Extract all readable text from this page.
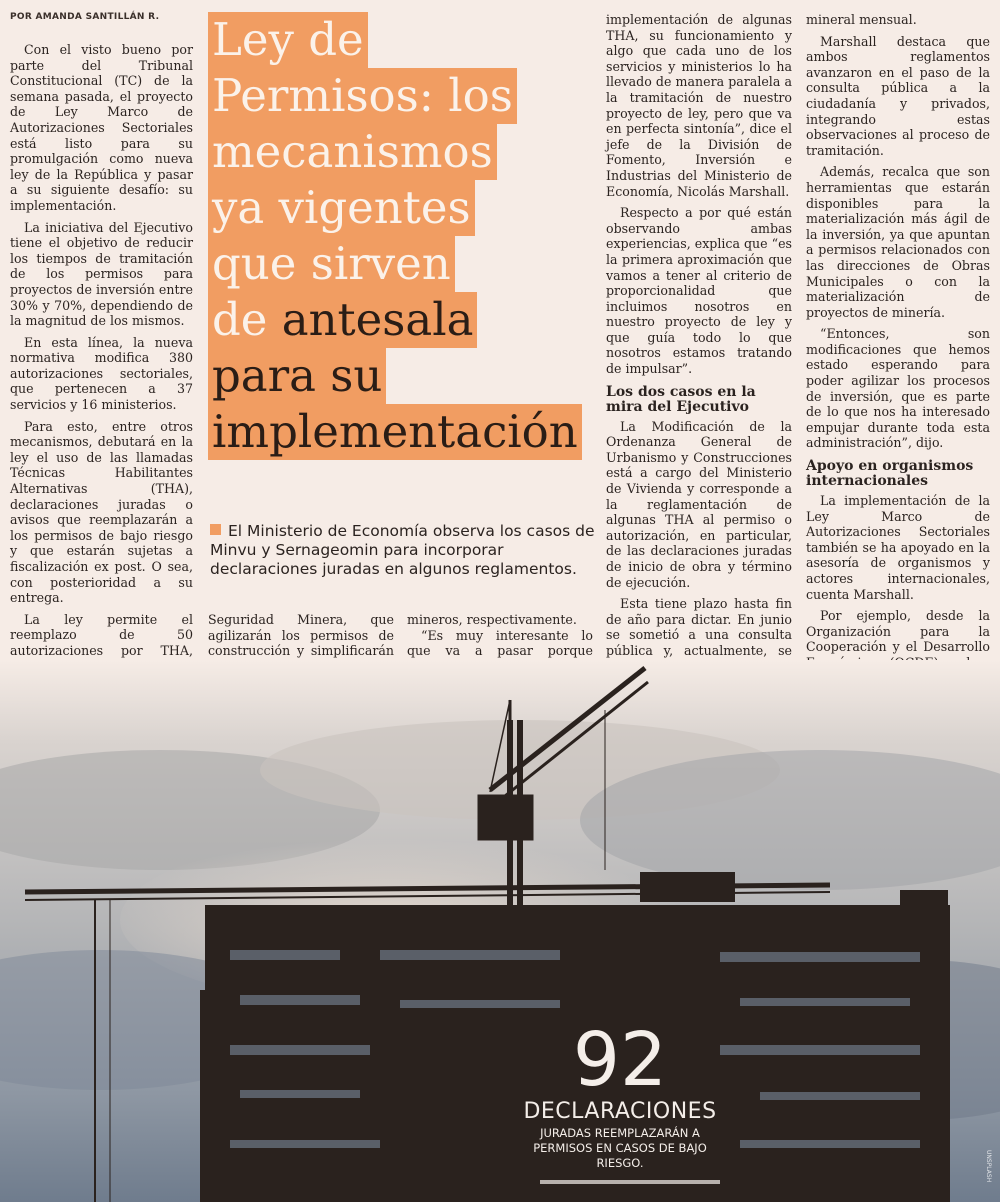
POR AMANDA SANTILLÁN R. Ley de
Permisos: los
mecanismos
ya vigentes
que sirven
de antesala
para su
implementación
El Ministerio de Economía observa los casos de Minvu y Sernageomin para incorporar declaraciones juradas en algunos reglamentos.

Con el visto bueno por parte del Tribunal Constitucional (TC) de la semana pasada, el proyecto de Ley Marco de Autorizaciones Sectoriales está listo para su promulgación como nueva ley de la República y pasar a su siguiente desafío: su implementación.

La iniciativa del Ejecutivo tiene el objetivo de reducir los tiempos de tramitación de los permisos para proyectos de inversión entre 30% y 70%, dependiendo de la magnitud de los mismos.

En esta línea, la nueva normativa modifica 380 autorizaciones sectoriales, que pertenecen a 37 servicios y 16 ministerios.

Para esto, entre otros mecanismos, debutará en la ley el uso de las llamadas Técnicas Habilitantes Alternativas (THA), declaraciones juradas o avisos que reemplazarán a los permisos de bajo riesgo y que estarán sujetas a fiscalización ex post. O sea, con posterioridad a su entrega.

La ley permite el reemplazo de 50 autorizaciones por THA,

Seguridad Minera, que agilizarán los permisos de construcción y simplificarán

mineros, respectivamente.

“Es muy interesante lo que va a pasar porque

implementación de algunas THA, su funcionamiento y algo que cada uno de los servicios y ministerios lo ha llevado de manera paralela a la tramitación de nuestro proyecto de ley, pero que va en perfecta sintonía”, dice el jefe de la División de Fomento, Inversión e Industrias del Ministerio de Economía, Nicolás Marshall.

Respecto a por qué están observando ambas experiencias, explica que “es la primera aproximación que vamos a tener al criterio de proporcionalidad que incluimos nosotros en nuestro proyecto de ley y que guía todo lo que nosotros estamos tratando de impulsar”.

Los dos casos en la mira del Ejecutivo

La Modificación de la Ordenanza General de Urbanismo y Construcciones está a cargo del Ministerio de Vivienda y corresponde a la reglamentación de algunas THA al permiso o autorización, en particular, de las declaraciones juradas de inicio de obra y término de ejecución.

Esta tiene plazo hasta fin de año para dictar. En junio se sometió a una consulta pública y, actualmente, se

mineral mensual.

Marshall destaca que ambos reglamentos avanzaron en el paso de la consulta pública a la ciudadanía y privados, integrando estas observaciones al proceso de tramitación.

Además, recalca que son herramientas que estarán disponibles para la materialización más ágil de la inversión, ya que apuntan a permisos relacionados con las direcciones de Obras Municipales o con la materialización de proyectos de minería.

“Entonces, son modificaciones que hemos estado esperando para poder agilizar los procesos de inversión, que es parte de lo que nos ha interesado empujar durante toda esta administración”, dijo.

Apoyo en organismos internacionales

La implementación de la Ley Marco de Autorizaciones Sectoriales también se ha apoyado en la asesoría de organismos y actores internacionales, cuenta Marshall.

Por ejemplo, desde la Organización para la Cooperación y el Desarrollo

92
DECLARACIONES
JURADAS REEMPLAZARÁN A PERMISOS EN CASOS DE BAJO RIESGO.	UNSPLASH
